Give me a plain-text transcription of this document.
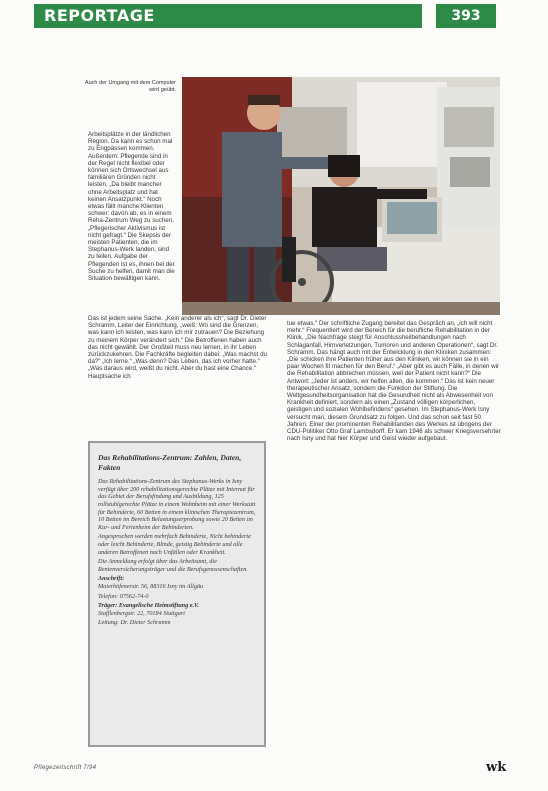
REPORTAGE	393
Auch der Umgang mit dem Computer wird geübt.

Arbeitsplätze in der ländlichen Region. Da kann es schon mal zu Engpässen kommen. Außerdem: Pflegende sind in der Regel nicht flexibel oder können sich Ortswechsel aus familiären Gründen nicht leisten. „Da bleibt mancher ohne Arbeitsplatz und hat keinen Ansatzpunkt.“ Noch etwas fällt manche Klienten schwer: davon ab, es in einem Reha-Zentrum Weg zu suchen. „Pflegerischer Aktivismus ist nicht gefragt.“ Die Skepsis der meisten Patienten, die im Stephanus-Werk landen, sind zu teilen. Aufgabe der Pflegenden ist es, ihnen bei der Suche zu helfen, damit man die Situation bewältigen kann.

Das ist jedem seine Sache. „Kein anderer als ich“, sagt Dr. Dieter Schramm, Leiter der Einrichtung, „weiß: Wo sind die Grenzen, was kann ich leisten, was kann ich mir zutrauen? Die Beziehung zu meinem Körper verändert sich.“ Die Betroffenen haben auch das nicht gewählt. Der Großteil muss neu lernen, in ihr Leben zurückzukehren. Die Fachkräfte begleiten dabei: „Was machst du da?“ „Ich lerne.“ „Was denn? Das Leben, das ich vorher hatte.“ „Was daraus wird, weißt du nicht. Aber du hast eine Chance.“ Hauptsache ich

tue etwas.“ Der schriftliche Zugang bereitet das Gespräch an, „ich will nicht mehr.“ Frequentiert wird der Bereich für die berufliche Rehabilitation in der Klinik. „Die Nachfrage steigt für Anschlussheilbehandlungen nach Schlaganfall, Hirnverletzungen, Tumoren und anderen Operationen“, sagt Dr. Schramm. Das hängt auch mit der Entwicklung in den Kliniken zusammen: „Die schicken ihre Patienten früher aus den Kliniken, wir können sie in ein paar Wochen fit machen für den Beruf.“ „Aber gibt es auch Fälle, in denen wir die Rehabilitation abbrechen müssen, weil der Patient nicht kann?“ Die Antwort: „Jeder ist anders, wir helfen allen, die kommen.“ Das ist kein neuer therapeutischer Ansatz, sondern die Funktion der Stiftung. Die Weltgesundheitsorganisation hat die Gesundheit nicht als Abwesenheit von Krankheit definiert, sondern als einen „Zustand völligen körperlichen, geistigen und sozialen Wohlbefindens“ gesehen. Im Stephanus-Werk Isny versucht man, diesem Grundsatz zu folgen. Und das schon seit fast 50 Jahren. Einer der prominenten Rehabilitanden des Werkes ist übrigens der CDU-Politiker Otto Graf Lambsdorff. Er kam 1946 als schwer Kriegsversehrter nach Isny und hat hier Körper und Geist wieder aufgebaut.

Das Rehabilitations-Zentrum: Zahlen, Daten, Fakten

Das Rehabilitations-Zentrum des Stephanus-Werks in Isny verfügt über 200 rehabilitationsgerechte Plätze mit Internat für das Gebiet der Berufsfindung und Ausbildung, 125 rollstuhlgerechte Plätze in einem Wohnheim mit einer Werkstatt für Behinderte, 60 Betten in einem klinischen Therapiezentrum, 10 Betten im Bereich Belastungserprobung sowie 20 Betten im Kur- und Ferienheim der Behinderten.

Angesprochen werden mehrfach Behinderte, Nicht behinderte oder leicht Behinderte, Blinde, geistig Behinderte und alle anderen Betroffenen nach Unfällen oder Krankheit.

Die Anmeldung erfolgt über das Arbeitsamt, die Rentenversicherungsträger und die Berufsgenossenschaften.

Anschrift:

Maierhöfenerstr. 56, 88316 Isny im Allgäu

Telefon: 07562-74-0

Träger: Evangelische Heimstiftung e.V.

Stafflenbergstr. 22, 70184 Stuttgart

Leitung: Dr. Dieter Schramm

Pflegezeitschrift 7/94	wk
